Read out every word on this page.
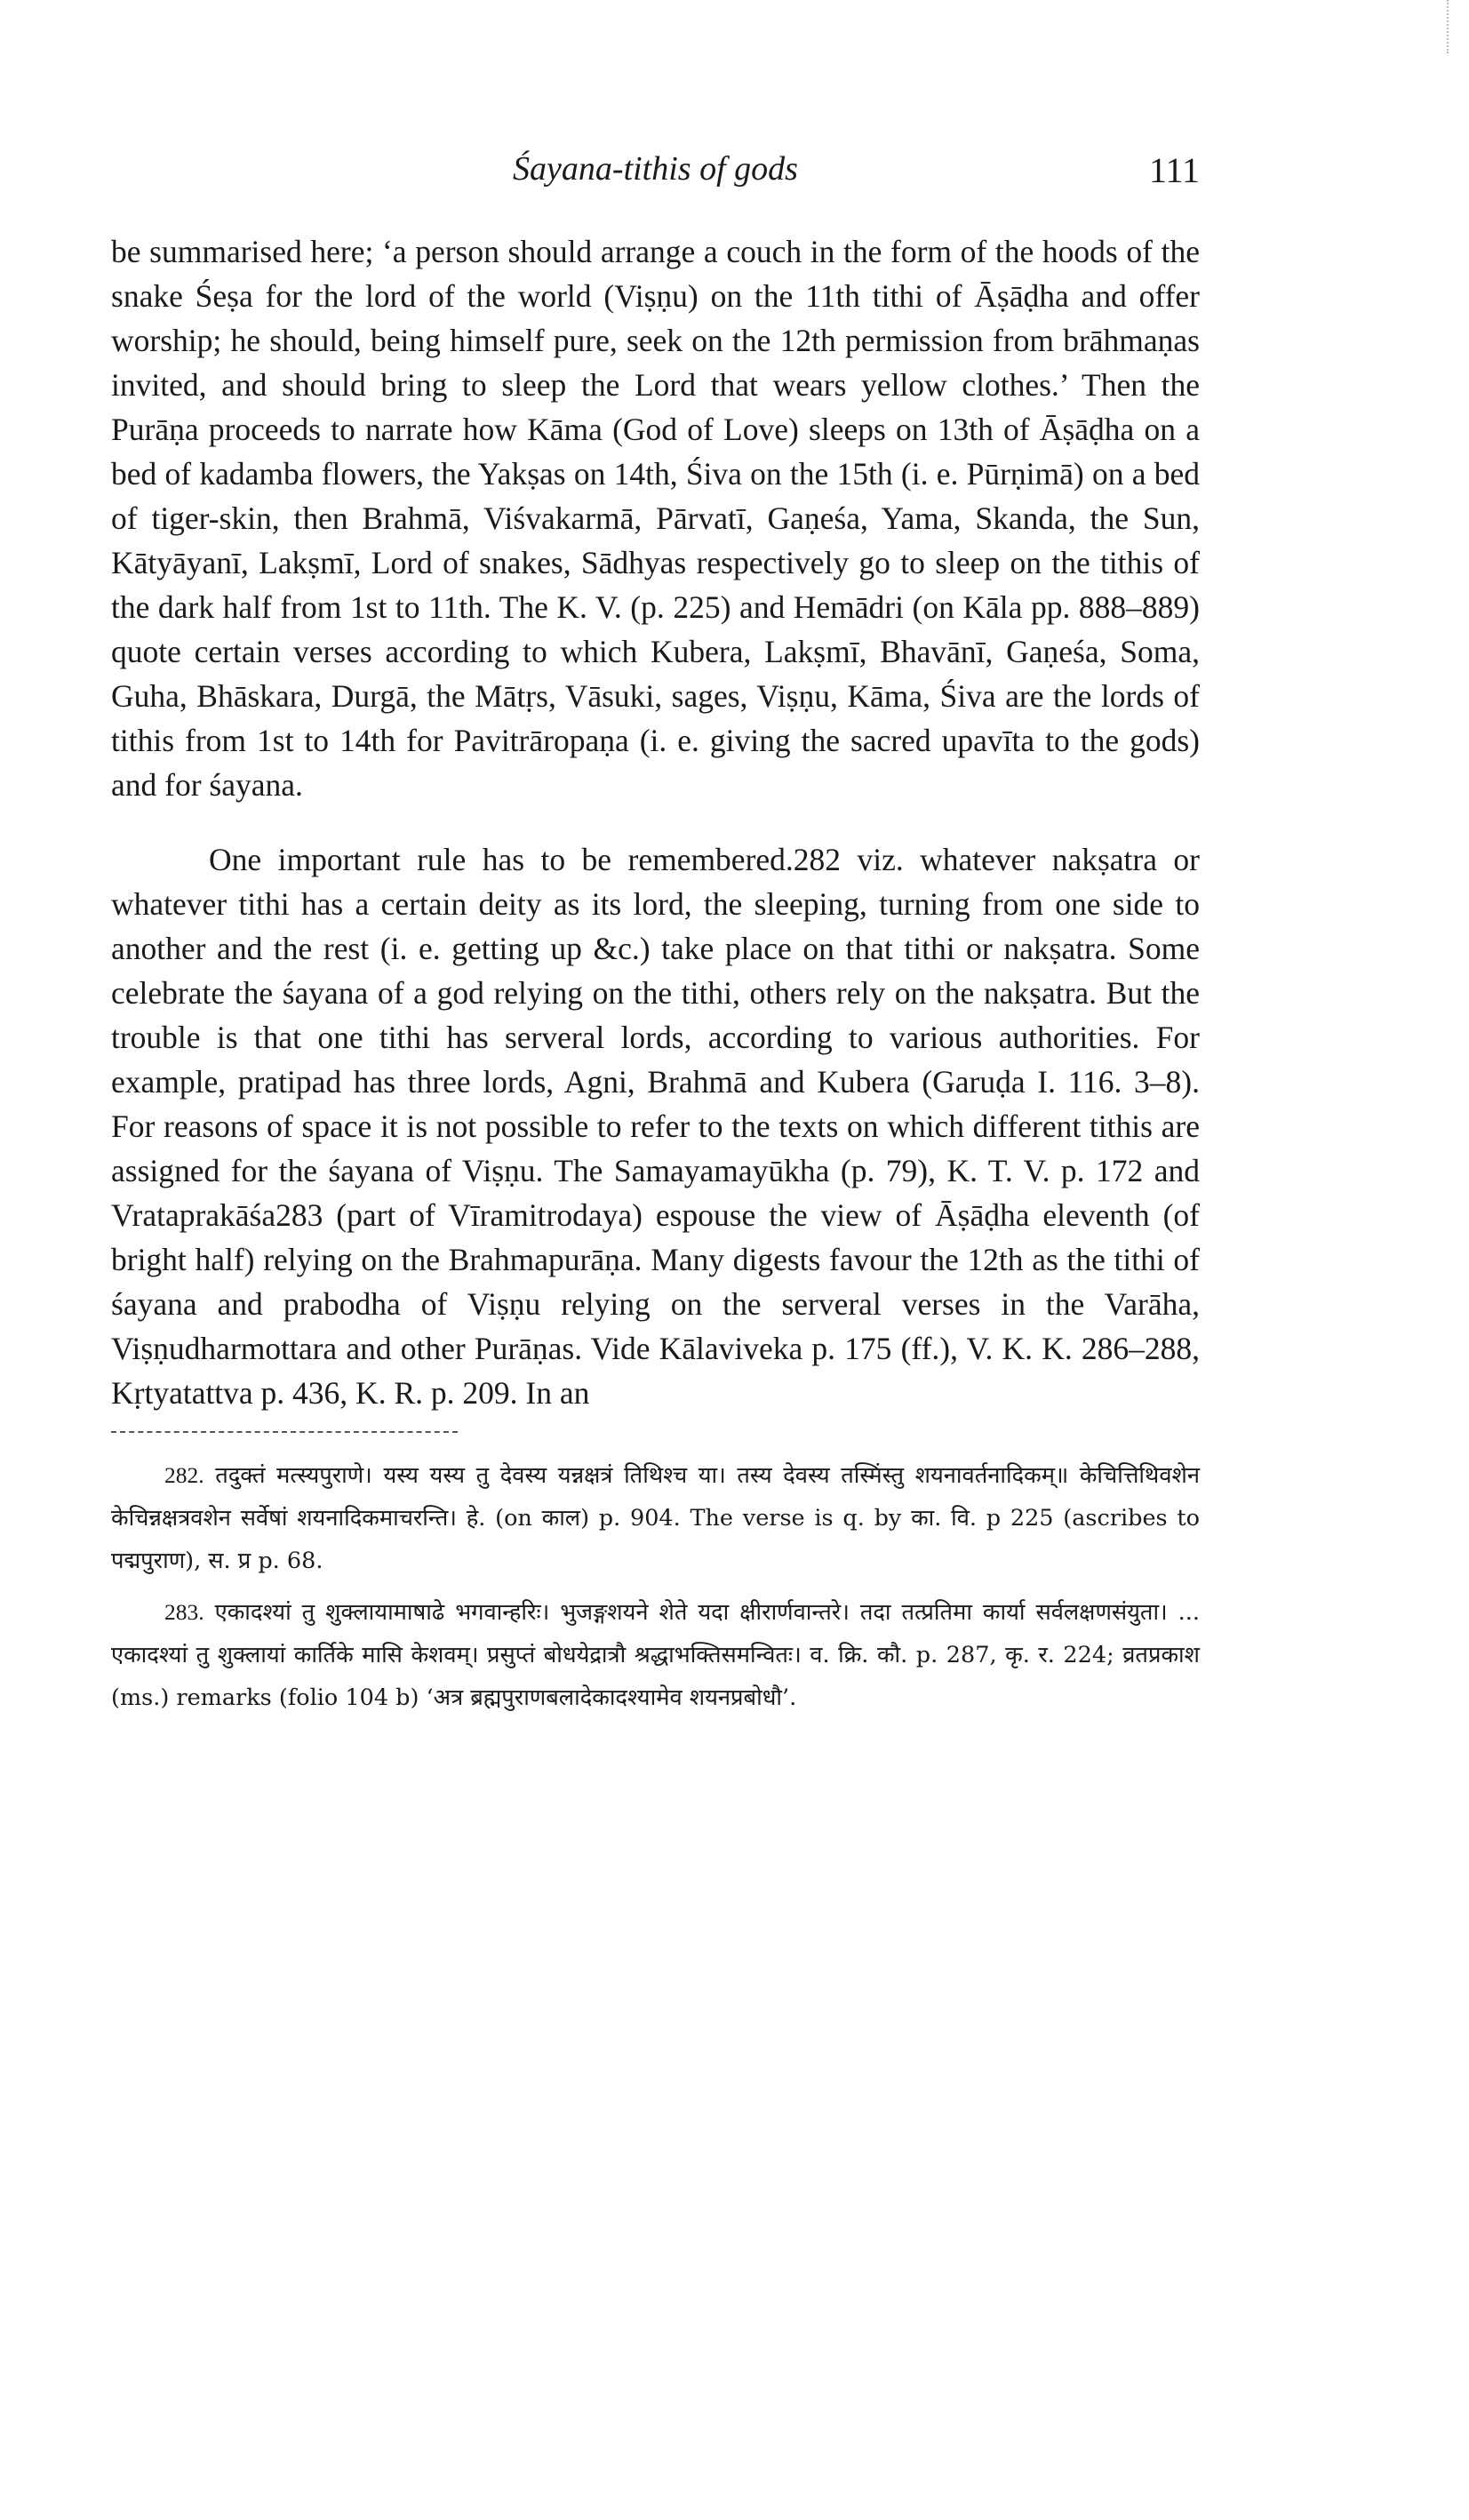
Śayana-tithis of gods	111

be summarised here; ‘a person should arrange a couch in the form of the hoods of the snake Śeṣa for the lord of the world (Viṣṇu) on the 11th tithi of Āṣāḍha and offer worship; he should, being himself pure, seek on the 12th permission from brāhmaṇas invited, and should bring to sleep the Lord that wears yellow clothes.’ Then the Purāṇa proceeds to narrate how Kāma (God of Love) sleeps on 13th of Āṣāḍha on a bed of kadamba flowers, the Yakṣas on 14th, Śiva on the 15th (i. e. Pūrṇimā) on a bed of tiger-skin, then Brahmā, Viśvakarmā, Pārvatī, Gaṇeśa, Yama, Skanda, the Sun, Kātyāyanī, Lakṣmī, Lord of snakes, Sādhyas respectively go to sleep on the tithis of the dark half from 1st to 11th. The K. V. (p. 225) and Hemādri (on Kāla pp. 888–889) quote certain verses according to which Kubera, Lakṣmī, Bhavānī, Gaṇeśa, Soma, Guha, Bhāskara, Durgā, the Mātṛs, Vāsuki, sages, Viṣṇu, Kāma, Śiva are the lords of tithis from 1st to 14th for Pavitrāropaṇa (i. e. giving the sacred upavīta to the gods) and for śayana.

One important rule has to be remembered.282 viz. whatever nakṣatra or whatever tithi has a certain deity as its lord, the sleeping, turning from one side to another and the rest (i. e. getting up &c.) take place on that tithi or nakṣatra. Some celebrate the śayana of a god relying on the tithi, others rely on the nakṣatra. But the trouble is that one tithi has serveral lords, according to various authorities. For example, pratipad has three lords, Agni, Brahmā and Kubera (Garuḍa I. 116. 3–8). For reasons of space it is not possible to refer to the texts on which different tithis are assigned for the śayana of Viṣṇu. The Samayamayūkha (p. 79), K. T. V. p. 172 and Vrataprakāśa283 (part of Vīramitrodaya) espouse the view of Āṣāḍha eleventh (of bright half) relying on the Brahmapurāṇa. Many digests favour the 12th as the tithi of śayana and prabodha of Viṣṇu relying on the serveral verses in the Varāha, Viṣṇudharmottara and other Purāṇas. Vide Kālaviveka p. 175 (ff.), V. K. K. 286–288, Kṛtyatattva p. 436, K. R. p. 209. In an

282. तदुक्तं मत्स्यपुराणे। यस्य यस्य तु देवस्य यन्नक्षत्रं तिथिश्च या। तस्य देवस्य तस्मिंस्तु शयनावर्तनादिकम्॥ केचित्तिथिवशेन केचिन्नक्षत्रवशेन सर्वेषां शयनादिकमाचरन्ति। हे. (on काल) p. 904. The verse is q. by का. वि. p 225 (ascribes to पद्मपुराण), स. प्र p. 68.

283. एकादश्यां तु शुक्लायामाषाढे भगवान्हरिः। भुजङ्गशयने शेते यदा क्षीरार्णवान्तरे। तदा तत्प्रतिमा कार्या सर्वलक्षणसंयुता। ... एकादश्यां तु शुक्लायां कार्तिके मासि केशवम्। प्रसुप्तं बोधयेद्रात्रौ श्रद्धाभक्तिसमन्वितः। व. क्रि. कौ. p. 287, कृ. र. 224; व्रतप्रकाश (ms.) remarks (folio 104 b) ‘अत्र ब्रह्मपुराणबलादेकादश्यामेव शयनप्रबोधौ’.
